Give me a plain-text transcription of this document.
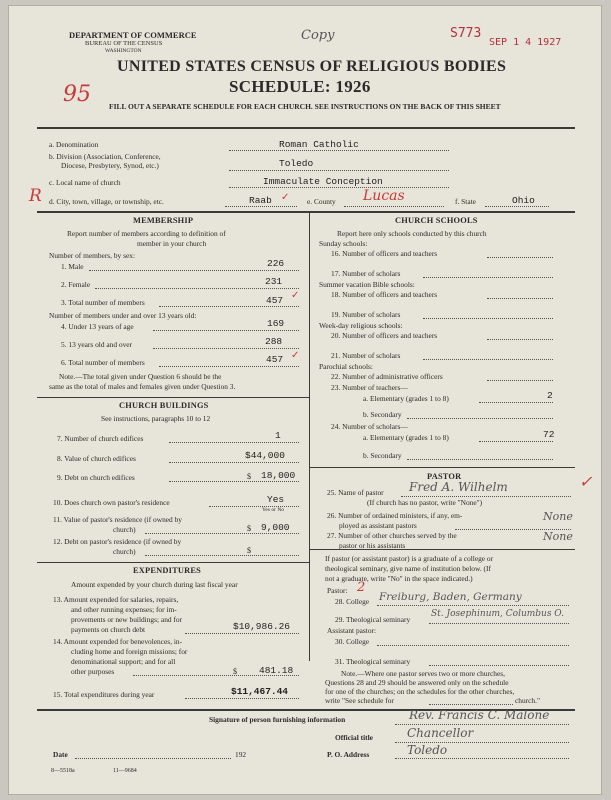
DEPARTMENT OF COMMERCE
BUREAU OF THE CENSUS
WASHINGTON
Copy	S773
SEP 1 4 1927
95
UNITED STATES CENSUS OF RELIGIOUS BODIES
SCHEDULE: 1926
FILL OUT A SEPARATE SCHEDULE FOR EACH CHURCH. SEE INSTRUCTIONS ON THE BACK OF THIS SHEET
a. Denomination	Roman Catholic
b. Division (Association, Conference,
Diocese, Presbytery, Synod, etc.)	Toledo
c. Local name of church	Immaculate Conception
R d. City, town, village, or township, etc.	Raab ✓ e. County Lucas	f. State	Ohio
MEMBERSHIP
Report number of members according to definition of
member in your church
Number of members, by sex:
1. Male	226
2. Female	231
3. Total number of members	457 ✓
Number of members under and over 13 years old:
4. Under 13 years of age	169
5. 13 years old and over	288
6. Total number of members	457 ✓
Note.—The total given under Question 6 should be the
same as the total of males and females given under Question 3.
CHURCH BUILDINGS
See instructions, paragraphs 10 to 12
7. Number of church edifices	1
8. Value of church edifices	$44,000
9. Debt on church edifices	$ 18,000
10. Does church own pastor's residence	Yes
Yes or No
11. Value of pastor's residence (if owned by
church)	$ 9,000
12. Debt on pastor's residence (if owned by
church)	$
EXPENDITURES
Amount expended by your church during last fiscal year
13. Amount expended for salaries, repairs,
and other running expenses; for im-
provements or new buildings; and for
payments on church debt	$10,986.26
14. Amount expended for benevolences, in-
cluding home and foreign missions; for
denominational support; and for all
other purposes	$ 481.18
15. Total expenditures during year	$11,467.44
CHURCH SCHOOLS
Report here only schools conducted by this church
Sunday schools:
16. Number of officers and teachers
17. Number of scholars
Summer vacation Bible schools:
18. Number of officers and teachers
19. Number of scholars
Week-day religious schools:
20. Number of officers and teachers
21. Number of scholars
Parochial schools:
22. Number of administrative officers
23. Number of teachers—
a. Elementary (grades 1 to 8)	2
b. Secondary
24. Number of scholars—
a. Elementary (grades 1 to 8)	72
b. Secondary
PASTOR
25. Name of pastor Fred A. Wilhelm	✓
(If church has no pastor, write "None")
26. Number of ordained ministers, if any, em-
ployed as assistant pastors
None
27. Number of other churches served by the
pastor or his assistants
None
If pastor (or assistant pastor) is a graduate of a college or
theological seminary, give name of institution below. (If
not a graduate, write "No" in the space indicated.)
Pastor: 2
28. College Freiburg, Baden, Germany
29. Theological seminary
St. Josephinum, Columbus O.
Assistant pastor:
30. College
31. Theological seminary
Note.—Where one pastor serves two or more churches,
Questions 28 and 29 should be answered only on the schedule
for one of the churches; on the schedules for the other churches,
write "See schedule for	church."
Signature of person furnishing information	Rev. Francis C. Malone
Official title	Chancellor
Date	192	P. O. Address	Toledo
8—5518a	11—9684
